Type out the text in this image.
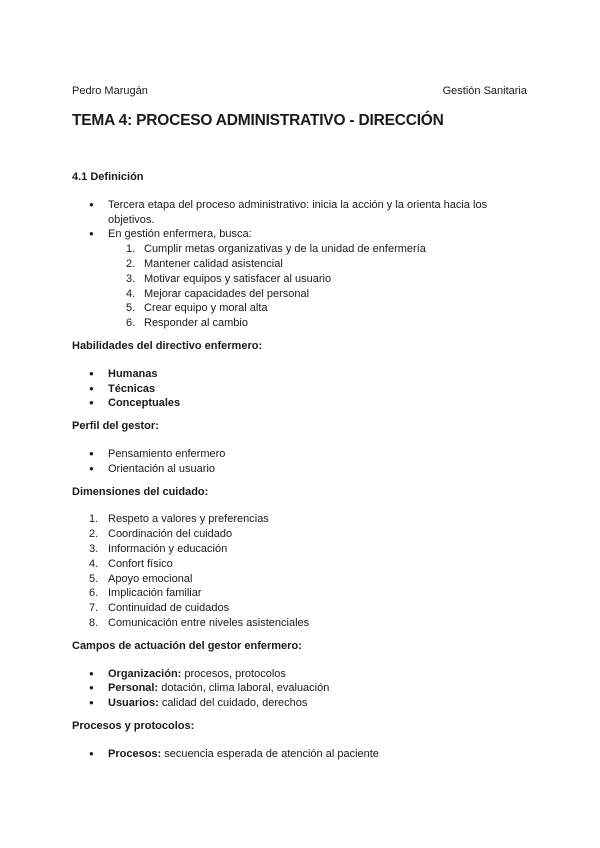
Pedro Marugán	Gestión Sanitaria
TEMA 4: PROCESO ADMINISTRATIVO - DIRECCIÓN
4.1 Definición
● Tercera etapa del proceso administrativo: inicia la acción y la orienta hacia los objetivos.
● En gestión enfermera, busca:
1. Cumplir metas organizativas y de la unidad de enfermería
2. Mantener calidad asistencial
3. Motivar equipos y satisfacer al usuario
4. Mejorar capacidades del personal
5. Crear equipo y moral alta
6. Responder al cambio
Habilidades del directivo enfermero:
● Humanas
● Técnicas
● Conceptuales
Perfil del gestor:
● Pensamiento enfermero
● Orientación al usuario
Dimensiones del cuidado:
1. Respeto a valores y preferencias
2. Coordinación del cuidado
3. Información y educación
4. Confort físico
5. Apoyo emocional
6. Implicación familiar
7. Continuidad de cuidados
8. Comunicación entre niveles asistenciales
Campos de actuación del gestor enfermero:
● Organización: procesos, protocolos
● Personal: dotación, clima laboral, evaluación
● Usuarios: calidad del cuidado, derechos
Procesos y protocolos:
● Procesos: secuencia esperada de atención al paciente
